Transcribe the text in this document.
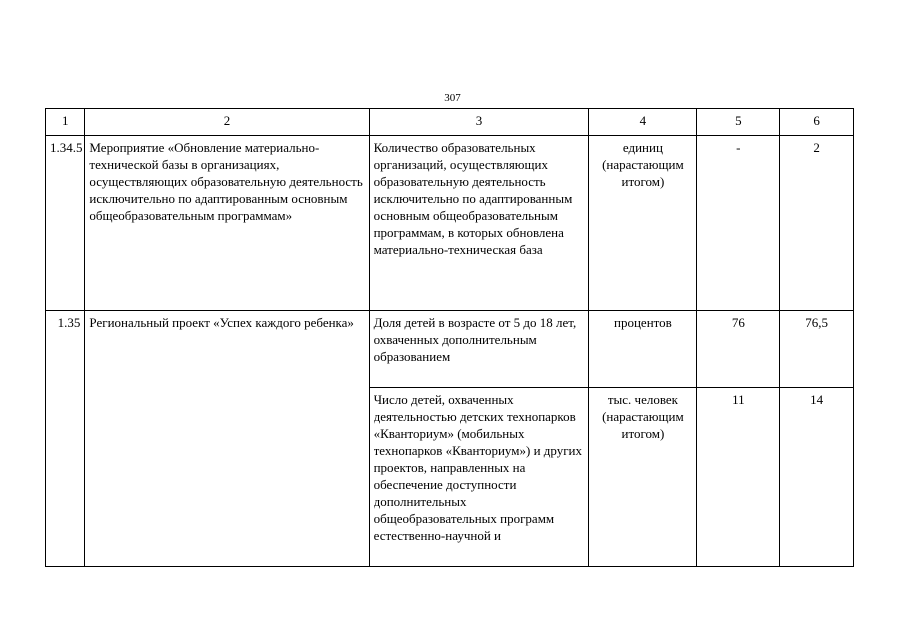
307
1	2	3	4	5	6
1.34.5	Мероприятие «Обновление материально-технической базы в организациях, осуществляющих образовательную деятельность исключительно по адаптированным основным общеобразовательным программам»	Количество образовательных организаций, осуществляющих образовательную деятельность исключительно по адаптированным основным общеобразовательным программам, в которых обновлена материально-техническая база	единиц (нарастающим итогом)	-	2
1.35	Региональный проект «Успех каждого ребенка»	Доля детей в возрасте от 5 до 18 лет, охваченных дополнительным образованием	процентов	76	76,5

		Число детей, охваченных деятельностью детских технопарков «Кванториум» (мобильных технопарков «Кванториум») и других проектов, направленных на обеспечение доступности дополнительных общеобразовательных программ естественно-научной и	тыс. человек (нарастающим итогом)	11	14
